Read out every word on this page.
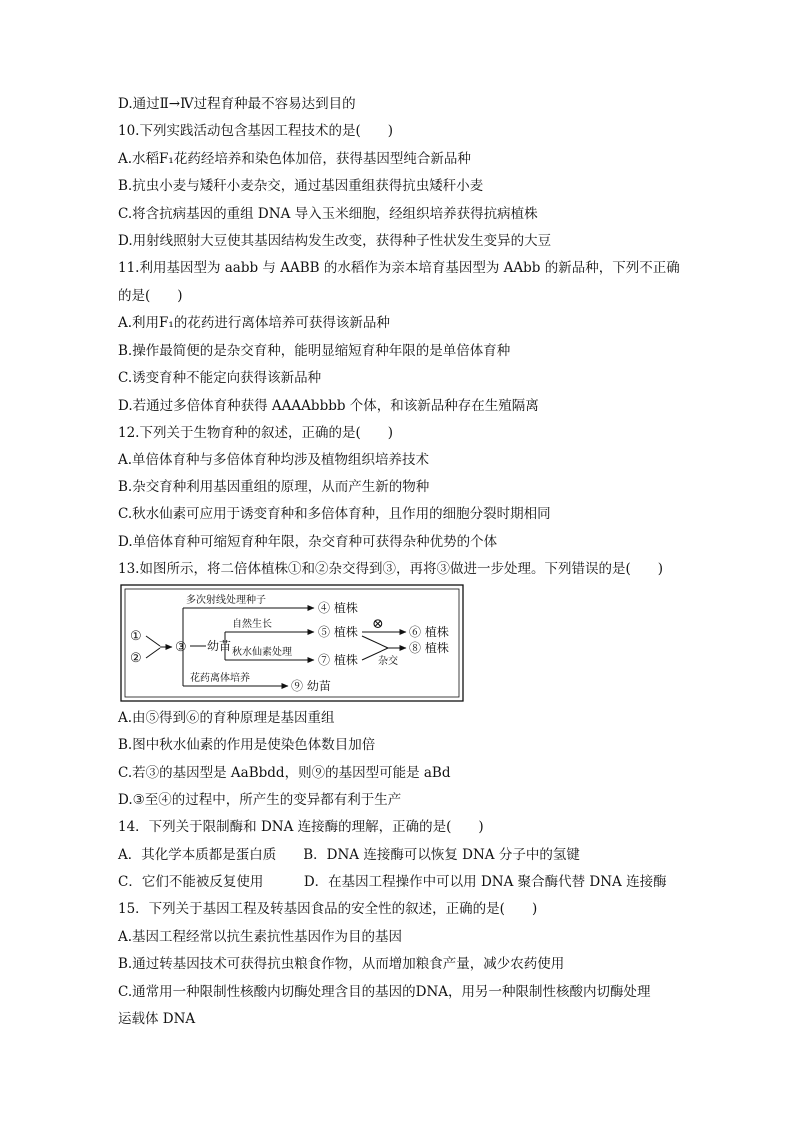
D.通过Ⅱ→Ⅳ过程育种最不容易达到目的
10.下列实践活动包含基因工程技术的是(　　)
A.水稻F₁花药经培养和染色体加倍，获得基因型纯合新品种
B.抗虫小麦与矮秆小麦杂交，通过基因重组获得抗虫矮秆小麦
C.将含抗病基因的重组 DNA 导入玉米细胞，经组织培养获得抗病植株
D.用射线照射大豆使其基因结构发生改变，获得种子性状发生变异的大豆
11.利用基因型为 aabb 与 AABB 的水稻作为亲本培育基因型为 AAbb 的新品种，下列不正确
的是(　　)
A.利用F₁的花药进行离体培养可获得该新品种
B.操作最简便的是杂交育种，能明显缩短育种年限的是单倍体育种
C.诱变育种不能定向获得该新品种
D.若通过多倍体育种获得 AAAAbbbb 个体，和该新品种存在生殖隔离
12.下列关于生物育种的叙述，正确的是(　　)
A.单倍体育种与多倍体育种均涉及植物组织培养技术
B.杂交育种利用基因重组的原理，从而产生新的物种
C.秋水仙素可应用于诱变育种和多倍体育种，且作用的细胞分裂时期相同
D.单倍体育种可缩短育种年限，杂交育种可获得杂种优势的个体
13.如图所示，将二倍体植株①和②杂交得到③，再将③做进一步处理。下列错误的是(　　)
①
②
③ 幼苗
多次射线处理种子
④ 植株
自然生长
⑤ 植株
秋水仙素处理
⑦ 植株
⊗ ⑥ 植株
杂交
⑧ 植株
花药离体培养
⑨ 幼苗
A.由⑤得到⑥的育种原理是基因重组
B.图中秋水仙素的作用是使染色体数目加倍
C.若③的基因型是 AaBbdd，则⑨的基因型可能是 aBd
D.③至④的过程中，所产生的变异都有利于生产
14．下列关于限制酶和 DNA 连接酶的理解，正确的是(　　)
A．其化学本质都是蛋白质　　B．DNA 连接酶可以恢复 DNA 分子中的氢键
C．它们不能被反复使用　　　D．在基因工程操作中可以用 DNA 聚合酶代替 DNA 连接酶
15．下列关于基因工程及转基因食品的安全性的叙述，正确的是(　　)
A.基因工程经常以抗生素抗性基因作为目的基因
B.通过转基因技术可获得抗虫粮食作物，从而增加粮食产量，减少农药使用
C.通常用一种限制性核酸内切酶处理含目的基因的DNA，用另一种限制性核酸内切酶处理
运载体 DNA
